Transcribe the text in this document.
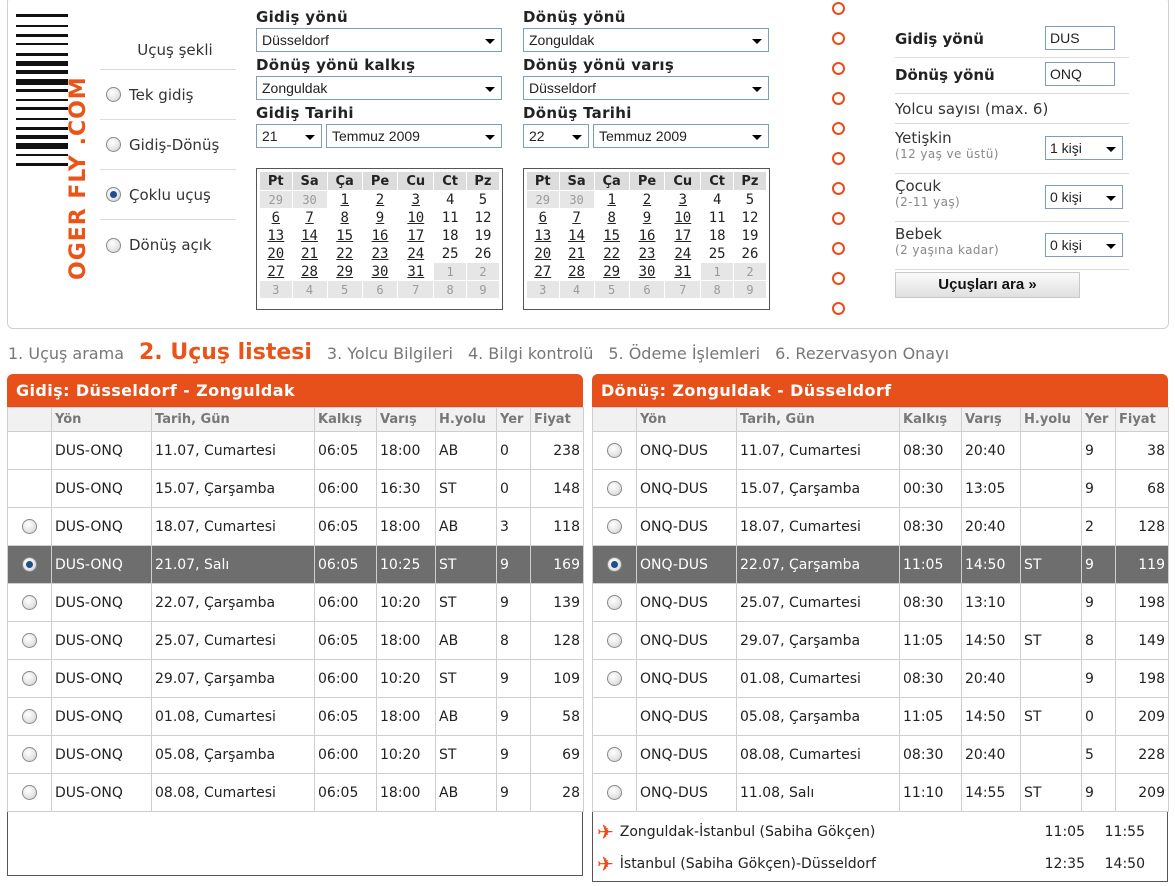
OGER FLY .COM
Uçuş şekli
Tek gidiş
Gidiş-Dönüş
Çoklu uçuş
Dönüş açık
Gidiş yönü
Düsseldorf
Dönüş yönü kalkış
Zonguldak
Gidiş Tarihi
21	Temmuz 2009
Pt	Sa	Ça	Pe	Cu	Ct	Pz
29	30	1	2	3	4	5
6	7	8	9	10	11	12
13	14	15	16	17	18	19
20	21	22	23	24	25	26
27	28	29	30	31	1	2
3	4	5	6	7	8	9
Dönüş yönü
Zonguldak
Dönüş yönü varış
Düsseldorf
Dönüş Tarihi
22	Temmuz 2009
Pt	Sa	Ça	Pe	Cu	Ct	Pz
29	30	1	2	3	4	5
6	7	8	9	10	11	12
13	14	15	16	17	18	19
20	21	22	23	24	25	26
27	28	29	30	31	1	2
3	4	5	6	7	8	9
Gidiş yönü	DUS
Dönüş yönü	ONQ
Yolcu sayısı (max. 6)
Yetişkin
(12 yaş ve üstü)	1 kişi
Çocuk
(2-11 yaş)	0 kişi
Bebek
(2 yaşına kadar)	0 kişi
Uçuşları ara »
1. Uçuş arama 2. Uçuş listesi 3. Yolcu Bilgileri 4. Bilgi kontrolü 5. Ödeme İşlemleri 6. Rezervasyon Onayı
Gidiş: Düsseldorf - Zonguldak
	Yön	Tarih, Gün	Kalkış	Varış	H.yolu	Yer	Fiyat
	DUS-ONQ	11.07, Cumartesi	06:05	18:00	AB	0	238
	DUS-ONQ	15.07, Çarşamba	06:00	16:30	ST	0	148
	DUS-ONQ	18.07, Cumartesi	06:05	18:00	AB	3	118
	DUS-ONQ	21.07, Salı	06:05	10:25	ST	9	169
	DUS-ONQ	22.07, Çarşamba	06:00	10:20	ST	9	139
	DUS-ONQ	25.07, Cumartesi	06:05	18:00	AB	8	128
	DUS-ONQ	29.07, Çarşamba	06:00	10:20	ST	9	109
	DUS-ONQ	01.08, Cumartesi	06:05	18:00	AB	9	58
	DUS-ONQ	05.08, Çarşamba	06:00	10:20	ST	9	69
	DUS-ONQ	08.08, Cumartesi	06:05	18:00	AB	9	28
Dönüş: Zonguldak - Düsseldorf
	Yön	Tarih, Gün	Kalkış	Varış	H.yolu	Yer	Fiyat
	ONQ-DUS	11.07, Cumartesi	08:30	20:40		9	38
	ONQ-DUS	15.07, Çarşamba	00:30	13:05		9	68
	ONQ-DUS	18.07, Cumartesi	08:30	20:40		2	128
	ONQ-DUS	22.07, Çarşamba	11:05	14:50	ST	9	119
	ONQ-DUS	25.07, Cumartesi	08:30	13:10		9	198
	ONQ-DUS	29.07, Çarşamba	11:05	14:50	ST	8	149
	ONQ-DUS	01.08, Cumartesi	08:30	20:40		9	198
	ONQ-DUS	05.08, Çarşamba	11:05	14:50	ST	0	209
	ONQ-DUS	08.08, Cumartesi	08:30	20:40		5	228
	ONQ-DUS	11.08, Salı	11:10	14:55	ST	9	209
✈ Zonguldak-İstanbul (Sabiha Gökçen)	11:05 11:55
✈ İstanbul (Sabiha Gökçen)-Düsseldorf	12:35 14:50
